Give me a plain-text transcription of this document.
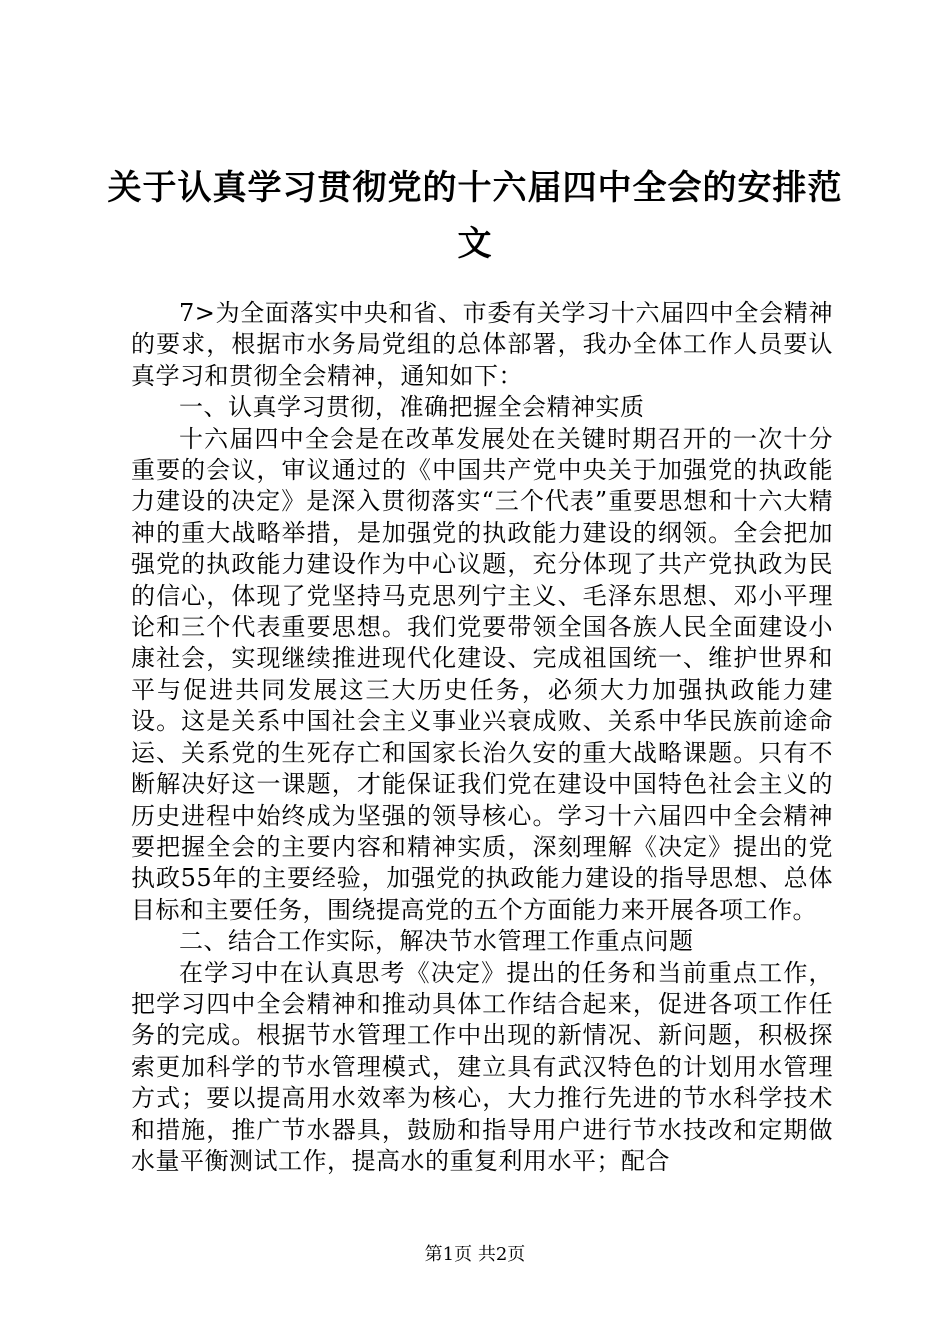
关于认真学习贯彻党的十六届四中全会的安排范文

7>为全面落实中央和省、市委有关学习十六届四中全会精神的要求，根据市水务局党组的总体部署，我办全体工作人员要认真学习和贯彻全会精神，通知如下：

一、认真学习贯彻，准确把握全会精神实质

十六届四中全会是在改革发展处在关键时期召开的一次十分重要的会议，审议通过的《中国共产党中央关于加强党的执政能力建设的决定》是深入贯彻落实“三个代表”重要思想和十六大精神的重大战略举措，是加强党的执政能力建设的纲领。全会把加强党的执政能力建设作为中心议题，充分体现了共产党执政为民的信心，体现了党坚持马克思列宁主义、毛泽东思想、邓小平理论和三个代表重要思想。我们党要带领全国各族人民全面建设小康社会，实现继续推进现代化建设、完成祖国统一、维护世界和平与促进共同发展这三大历史任务，必须大力加强执政能力建设。这是关系中国社会主义事业兴衰成败、关系中华民族前途命运、关系党的生死存亡和国家长治久安的重大战略课题。只有不断解决好这一课题，才能保证我们党在建设中国特色社会主义的历史进程中始终成为坚强的领导核心。学习十六届四中全会精神要把握全会的主要内容和精神实质，深刻理解《决定》提出的党执政55年的主要经验，加强党的执政能力建设的指导思想、总体目标和主要任务，围绕提高党的五个方面能力来开展各项工作。

二、结合工作实际，解决节水管理工作重点问题

在学习中在认真思考《决定》提出的任务和当前重点工作，把学习四中全会精神和推动具体工作结合起来，促进各项工作任务的完成。根据节水管理工作中出现的新情况、新问题，积极探索更加科学的节水管理模式，建立具有武汉特色的计划用水管理方式；要以提高用水效率为核心，大力推行先进的节水科学技术和措施，推广节水器具，鼓励和指导用户进行节水技改和定期做水量平衡测试工作，提高水的重复利用水平；配合

第1页 共2页
